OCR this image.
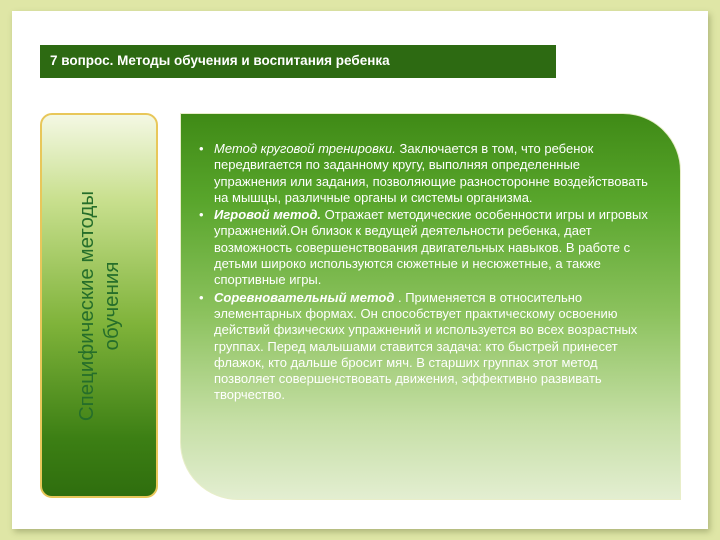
7 вопрос. Методы обучения и воспитания ребенка
Специфические методы обучения
• Метод круговой тренировки. Заключается в том, что ребенок передвигается по заданному кругу, выполняя определенные упражнения или задания, позволяющие разносторонне воздействовать на мышцы, различные органы и системы организма.
• Игровой метод. Отражает методические особенности игры и игровых упражнений.Он близок к ведущей деятельности ребенка, дает возможность совершенствования двигательных навыков. В работе с детьми широко используются сюжетные и несюжетные, а также спортивные игры.
• Соревновательный метод . Применяется в относительно элементарных формах. Он способствует практическому освоению действий физических упражнений и используется во всех возрастных группах. Перед малышами ставится задача: кто быстрей принесет флажок, кто дальше бросит мяч. В старших группах этот метод позволяет совершенствовать движения, эффективно развивать творчество.
